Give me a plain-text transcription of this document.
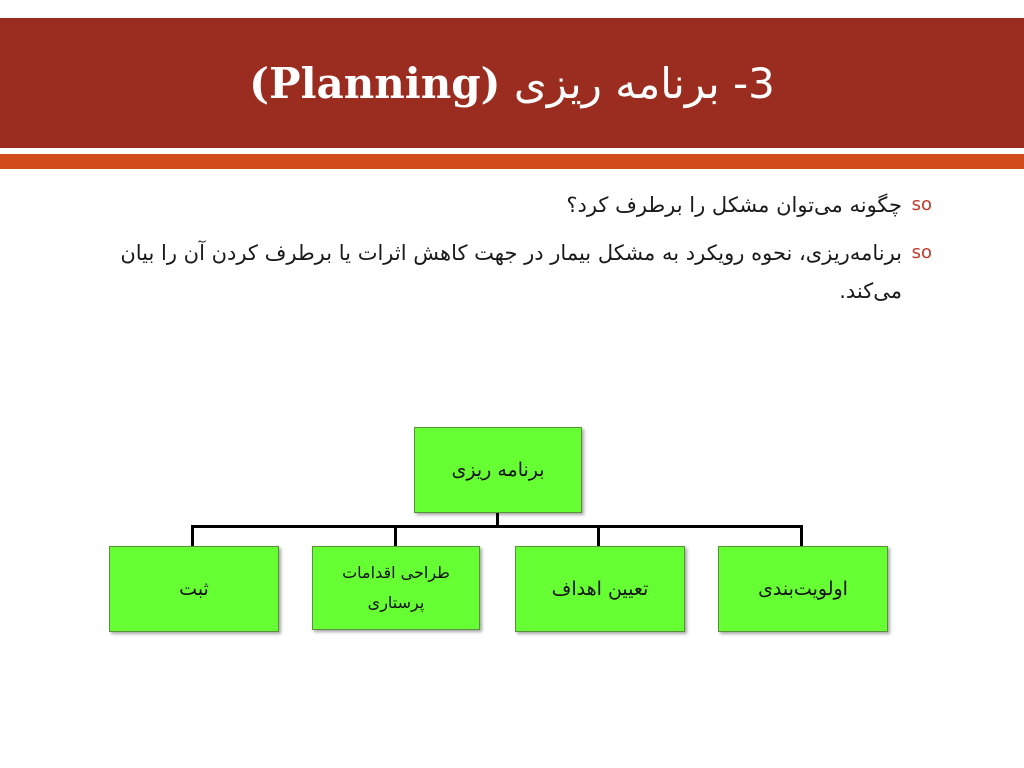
3- برنامه ریزی

(Planning)
so
چگونه می‌توان مشکل را برطرف کرد؟
so
برنامه‌ریزی، نحوه رویکرد به مشکل بیمار در جهت کاهش اثرات یا برطرف کردن آن را بیان می‌کند.
برنامه ریزی
اولویت‌بندی
تعیین اهداف
طراحی اقدامات پرستاری
ثبت
